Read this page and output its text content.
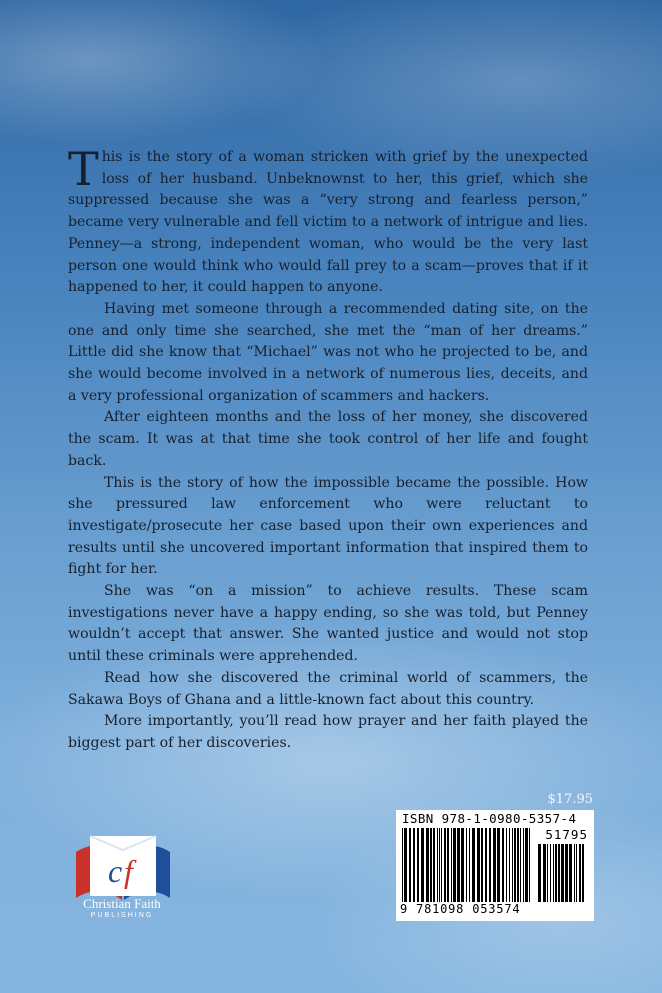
This is the story of a woman stricken with grief by the unexpected loss of her husband. Unbeknownst to her, this grief, which she suppressed because she was a “very strong and fearless person,” became very vulnerable and fell victim to a network of intrigue and lies. Penney—a strong, independent woman, who would be the very last person one would think who would fall prey to a scam—proves that if it happened to her, it could happen to anyone.

Having met someone through a recommended dating site, on the one and only time she searched, she met the “man of her dreams.” Little did she know that “Michael” was not who he projected to be, and she would become involved in a network of numerous lies, deceits, and a very professional organization of scammers and hackers.

After eighteen months and the loss of her money, she discovered the scam. It was at that time she took control of her life and fought back.

This is the story of how the impossible became the possible. How she pressured law enforcement who were reluctant to investigate/prosecute her case based upon their own experiences and results until she uncovered important information that inspired them to fight for her.

She was “on a mission” to achieve results. These scam investigations never have a happy ending, so she was told, but Penney wouldn’t accept that answer. She wanted justice and would not stop until these criminals were apprehended.

Read how she discovered the criminal world of scammers, the Sakawa Boys of Ghana and a little-known fact about this country.

More importantly, you’ll read how prayer and her faith played the biggest part of her discoveries.

$17.95
ISBN 978-1-0980-5357-4
51795
9 781098 053574
c f
Christian Faith
PUBLISHING
